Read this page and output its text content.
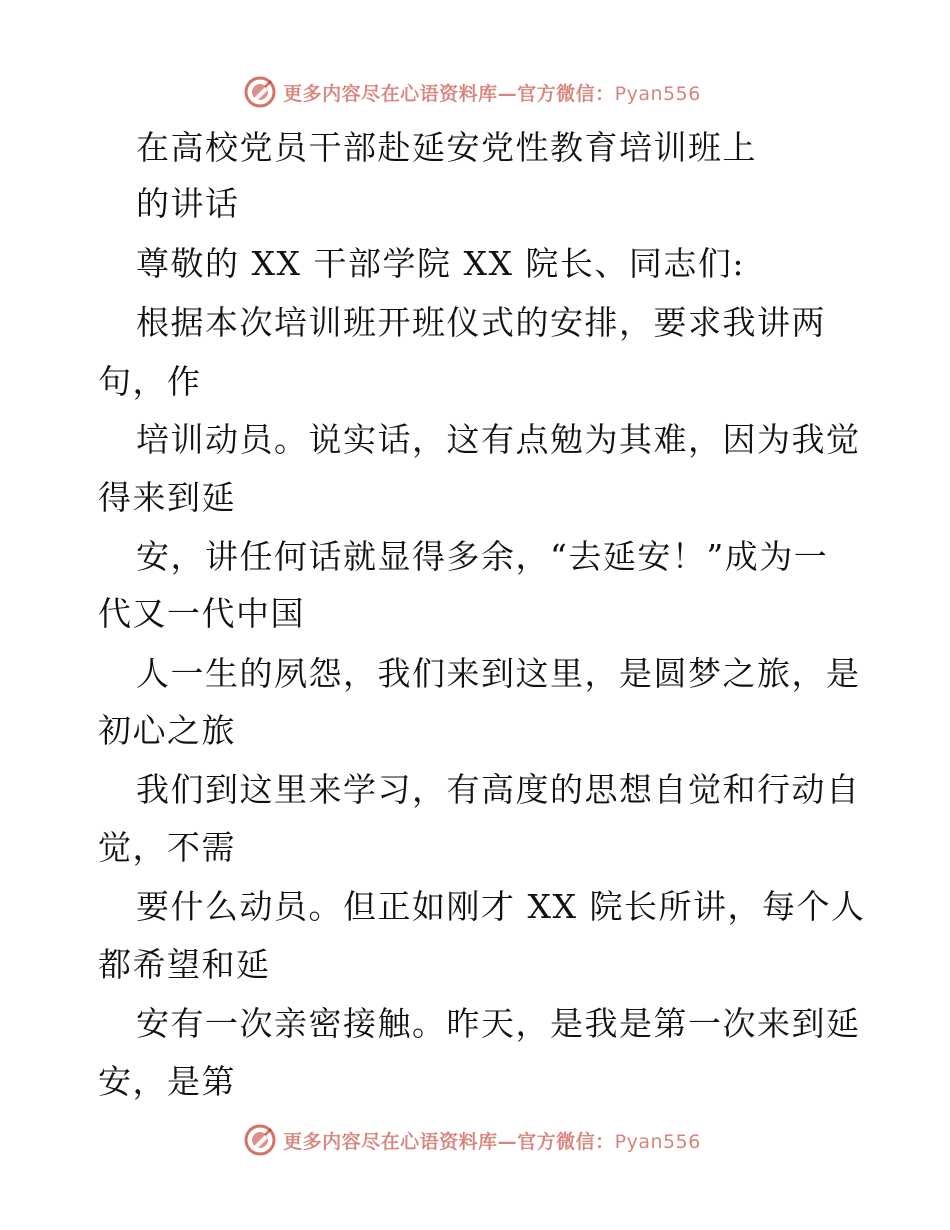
更多内容尽在心语资料库—官方微信：Pyan556
在高校党员干部赴延安党性教育培训班上
的讲话
尊敬的 XX 干部学院 XX 院长、同志们:
根据本次培训班开班仪式的安排，要求我讲两
句，作
培训动员。说实话，这有点勉为其难，因为我觉
得来到延
安，讲任何话就显得多余，“去延安！”成为一
代又一代中国
人一生的夙怨，我们来到这里，是圆梦之旅，是
初心之旅
我们到这里来学习，有高度的思想自觉和行动自
觉，不需
要什么动员。但正如刚才 XX 院长所讲，每个人
都希望和延
安有一次亲密接触。昨天，是我是第一次来到延
安，是第
更多内容尽在心语资料库—官方微信：Pyan556
